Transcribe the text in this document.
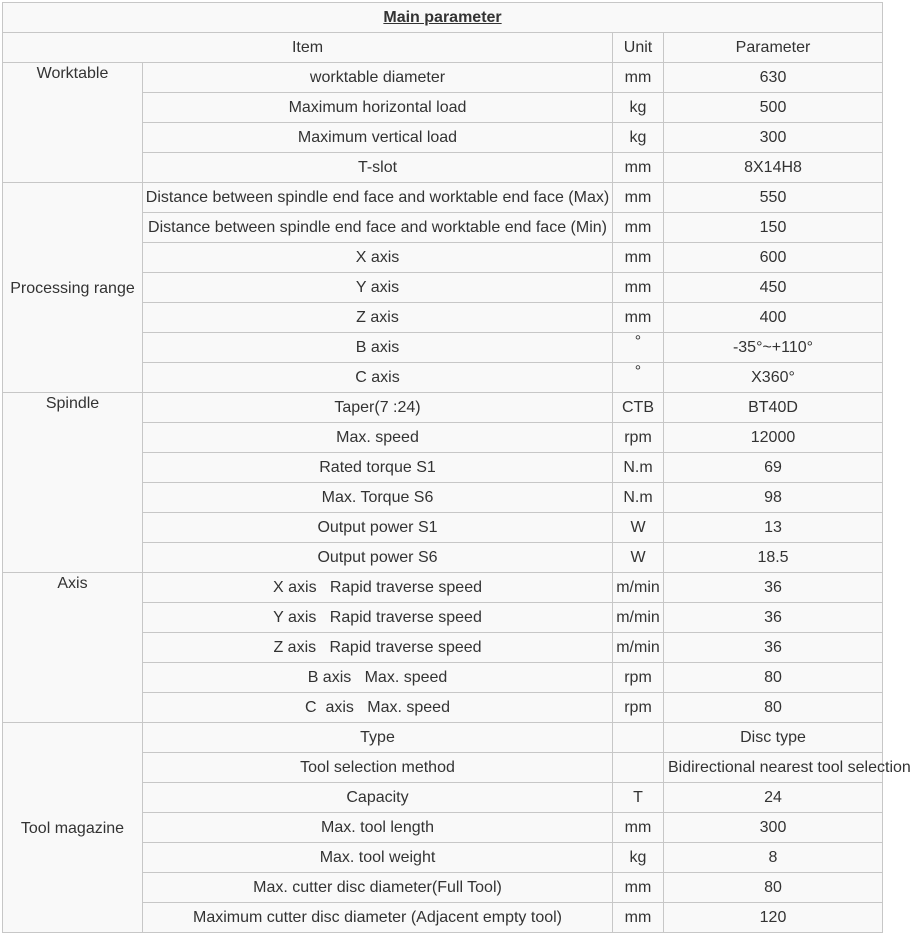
Main parameter			
Item		Unit	Parameter
Worktable	worktable diameter	mm	630
	Maximum horizontal load	kg	500
	Maximum vertical load	kg	300
	T-slot	mm	8X14H8
Processing range	Distance between spindle end face and worktable end face (Max)	mm	550
	Distance between spindle end face and worktable end face (Min)	mm	150
	X axis	mm	600
	Y axis	mm	450
	Z axis	mm	400
	B axis	°	-35°~+110°
	C axis	°	X360°
Spindle	Taper(7 :24)	CTB	BT40D
	Max. speed	rpm	12000
	Rated torque S1	N.m	69
	Max. Torque S6	N.m	98
	Output power S1	W	13
	Output power S6	W	18.5
Axis	X axis   Rapid traverse speed	m/min	36
	Y axis   Rapid traverse speed	m/min	36
	Z axis   Rapid traverse speed	m/min	36
	B axis   Max. speed	rpm	80
	C  axis   Max. speed	rpm	80
Tool magazine	Type		Disc type
	Tool selection method		Bidirectional nearest tool selection
	Capacity	T	24
	Max. tool length	mm	300
	Max. tool weight	kg	8
	Max. cutter disc diameter(Full Tool)	mm	80
	Maximum cutter disc diameter (Adjacent empty tool)	mm	120
